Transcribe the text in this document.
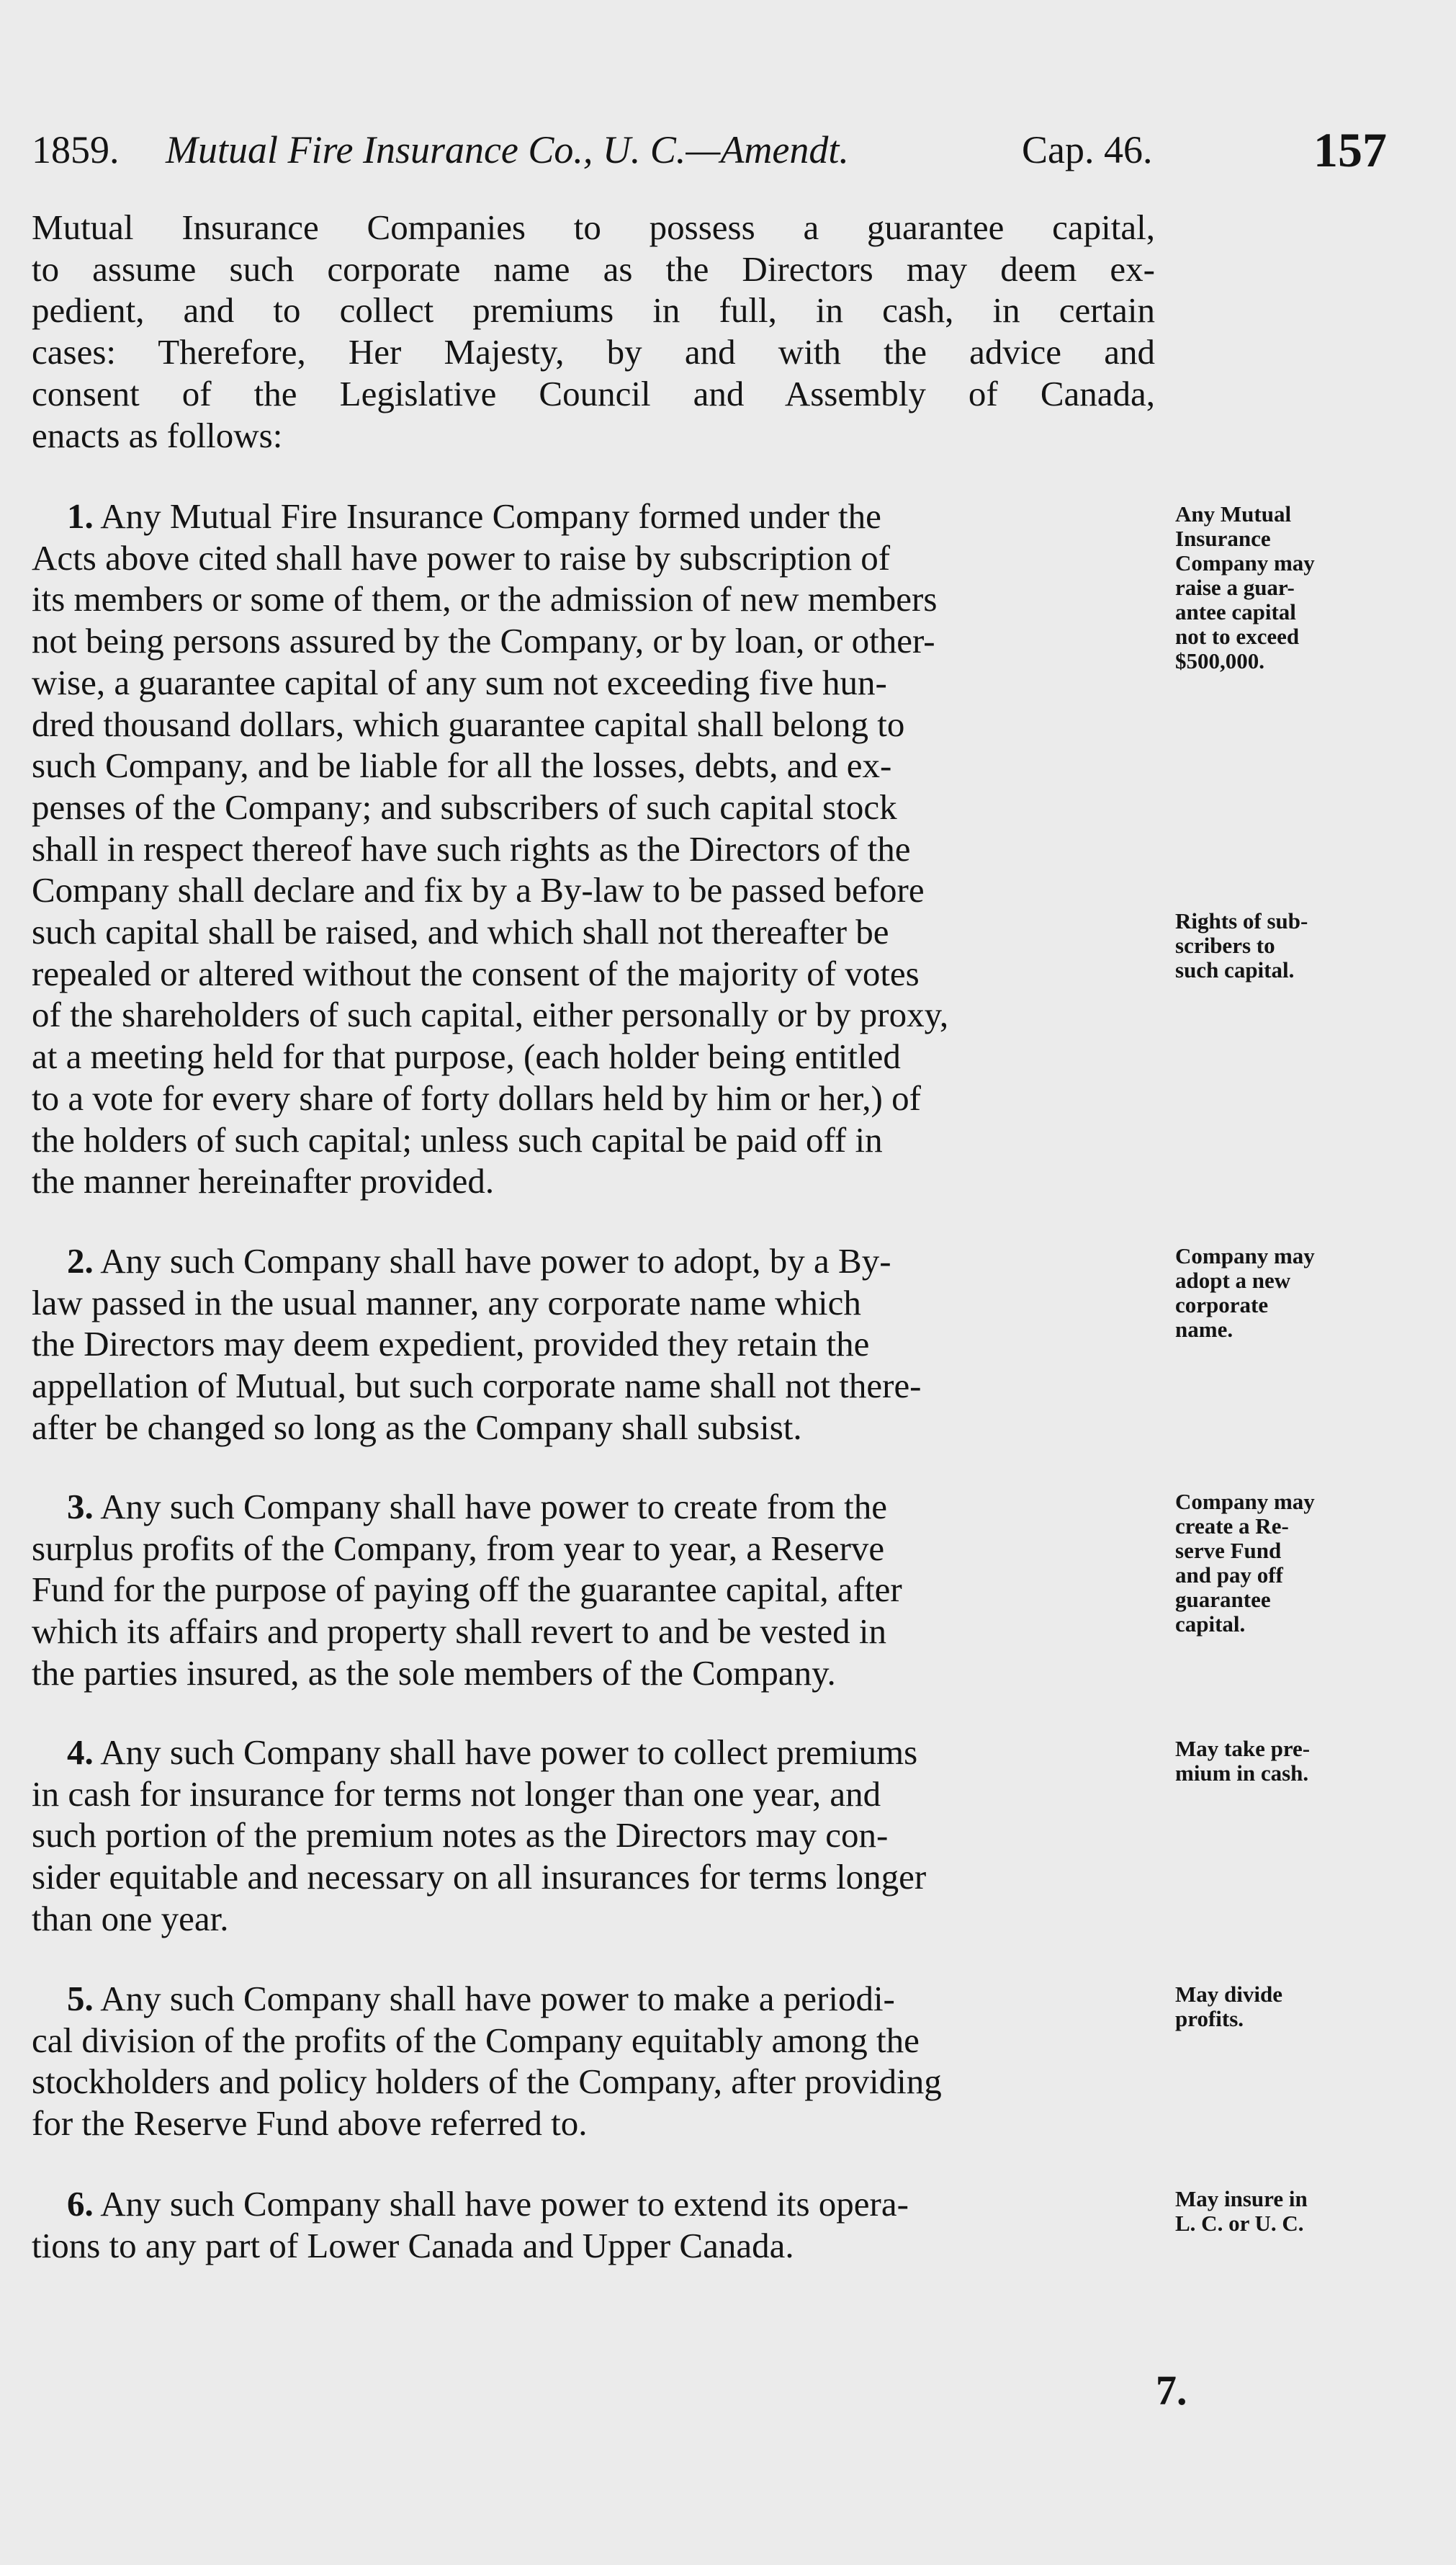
1859. Mutual Fire Insurance Co., U. C.—Amendt.	Cap. 46.	157
Mutual Insurance Companies to possess a guarantee capital,
to assume such corporate name as the Directors may deem ex-
pedient, and to collect premiums in full, in cash, in certain
cases: Therefore, Her Majesty, by and with the advice and
consent of the Legislative Council and Assembly of Canada,
enacts as follows:
 1. Any Mutual Fire Insurance Company formed under the
Acts above cited shall have power to raise by subscription of
its members or some of them, or the admission of new members
not being persons assured by the Company, or by loan, or other-
wise, a guarantee capital of any sum not exceeding five hun-
dred thousand dollars, which guarantee capital shall belong to
such Company, and be liable for all the losses, debts, and ex-
penses of the Company; and subscribers of such capital stock
shall in respect thereof have such rights as the Directors of the
Company shall declare and fix by a By-law to be passed before
such capital shall be raised, and which shall not thereafter be
repealed or altered without the consent of the majority of votes
of the shareholders of such capital, either personally or by proxy,
at a meeting held for that purpose, (each holder being entitled
to a vote for every share of forty dollars held by him or her,) of
the holders of such capital; unless such capital be paid off in
the manner hereinafter provided.
 2. Any such Company shall have power to adopt, by a By-
law passed in the usual manner, any corporate name which
the Directors may deem expedient, provided they retain the
appellation of Mutual, but such corporate name shall not there-
after be changed so long as the Company shall subsist.
 3. Any such Company shall have power to create from the
surplus profits of the Company, from year to year, a Reserve
Fund for the purpose of paying off the guarantee capital, after
which its affairs and property shall revert to and be vested in
the parties insured, as the sole members of the Company.
 4. Any such Company shall have power to collect premiums
in cash for insurance for terms not longer than one year, and
such portion of the premium notes as the Directors may con-
sider equitable and necessary on all insurances for terms longer
than one year.
 5. Any such Company shall have power to make a periodi-
cal division of the profits of the Company equitably among the
stockholders and policy holders of the Company, after providing
for the Reserve Fund above referred to.
 6. Any such Company shall have power to extend its opera-
tions to any part of Lower Canada and Upper Canada.
Any Mutual
Insurance
Company may
raise a guar-
antee capital
not to exceed
$500,000.
Rights of sub-
scribers to
such capital.
Company may
adopt a new
corporate
name.
Company may
create a Re-
serve Fund
and pay off
guarantee
capital.
May take pre-
mium in cash.
May divide
profits.
May insure in
L. C. or U. C.
7.
